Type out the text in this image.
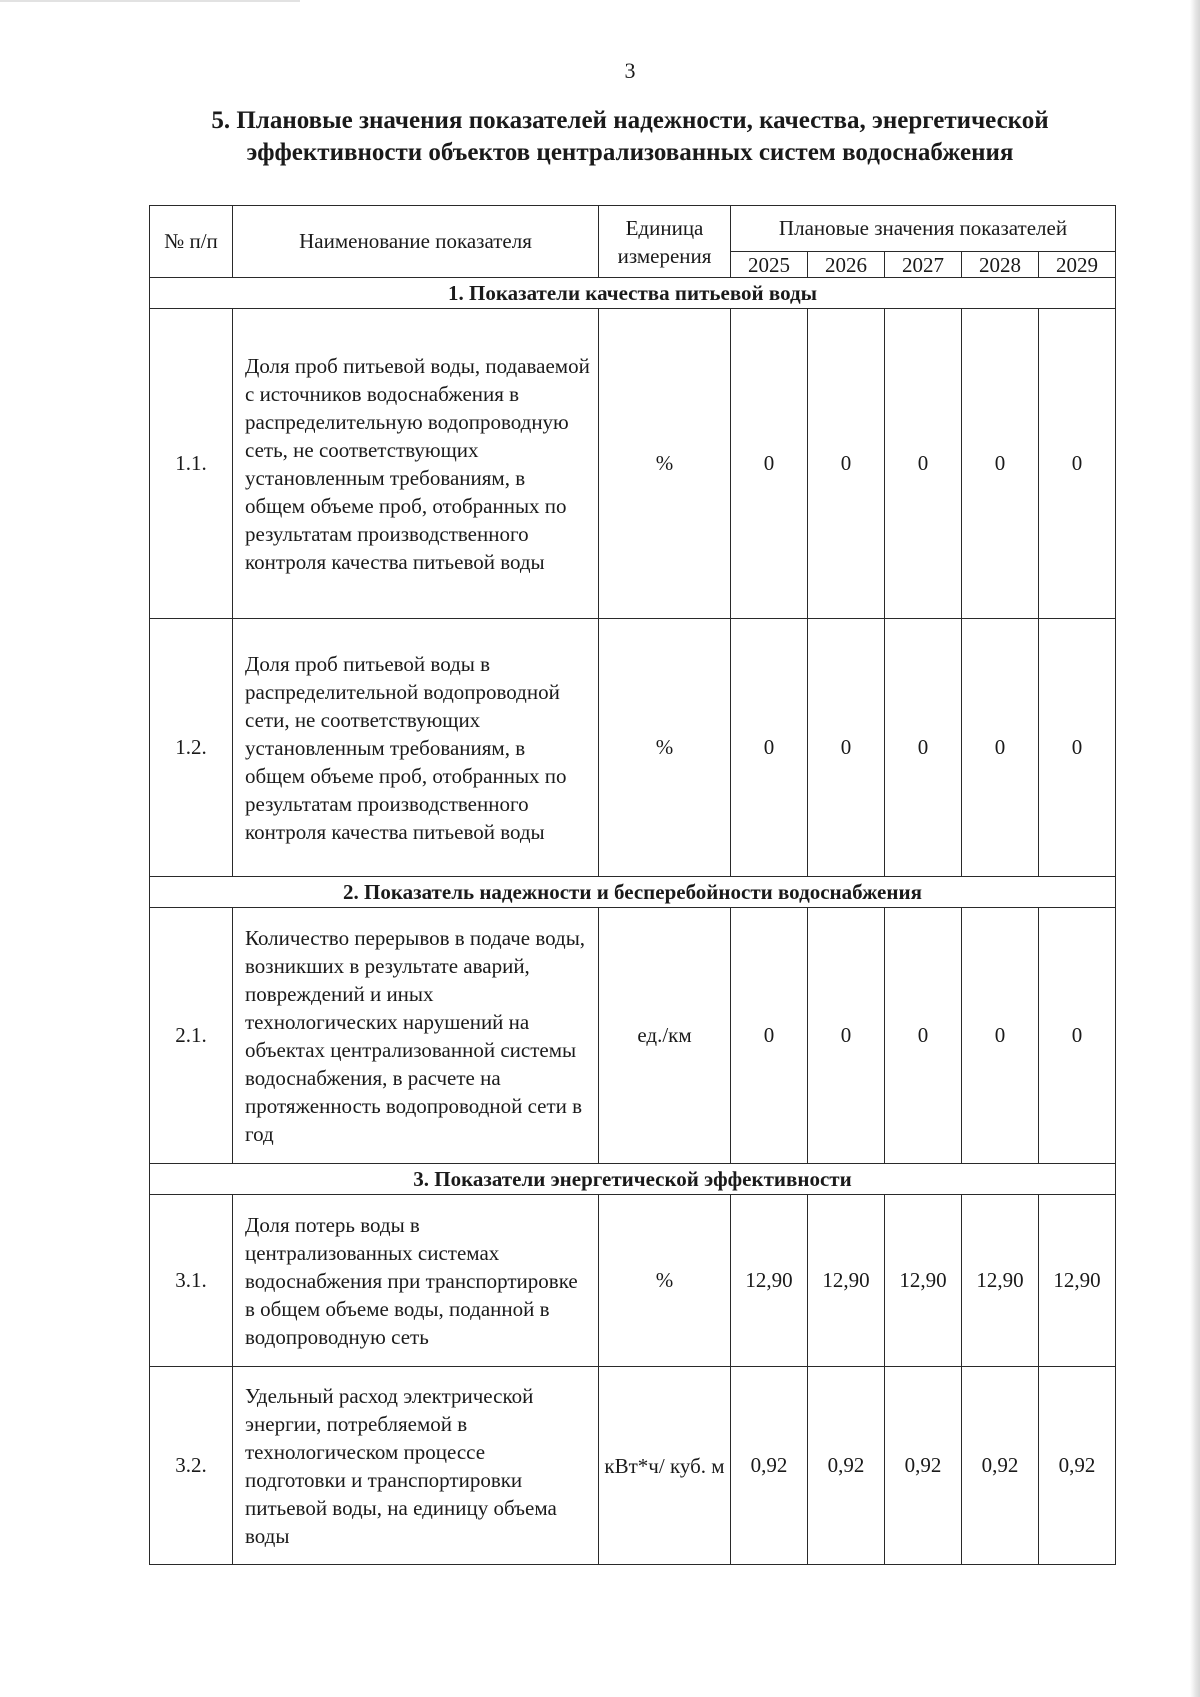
3
5. Плановые значения показателей надежности, качества, энергетической эффективности объектов централизованных систем водоснабжения
№ п/п	Наименование показателя	Единица измерения	Плановые значения показателей				
			2025	2026	2027	2028	2029
1. Показатели качества питьевой воды							
1.1.	Доля проб питьевой воды, подаваемой с источников водоснабжения в распределительную водопроводную сеть, не соответствующих установленным требованиям, в общем объеме проб, отобранных по результатам производственного контроля качества питьевой воды	%	0	0	0	0	0
1.2.	Доля проб питьевой воды в распределительной водопроводной сети, не соответствующих установленным требованиям, в общем объеме проб, отобранных по результатам производственного контроля качества питьевой воды	%	0	0	0	0	0
2. Показатель надежности и бесперебойности водоснабжения							
2.1.	Количество перерывов в подаче воды, возникших в результате аварий, повреждений и иных технологических нарушений на объектах централизованной системы водоснабжения, в расчете на протяженность водопроводной сети в год	ед./км	0	0	0	0	0
3. Показатели энергетической эффективности							
3.1.	Доля потерь воды в централизованных системах водоснабжения при транспортировке в общем объеме воды, поданной в водопроводную сеть	%	12,90	12,90	12,90	12,90	12,90
3.2.	Удельный расход электрической энергии, потребляемой в технологическом процессе подготовки и транспортировки питьевой воды, на единицу объема воды	кВт*ч/ куб. м	0,92	0,92	0,92	0,92	0,92
